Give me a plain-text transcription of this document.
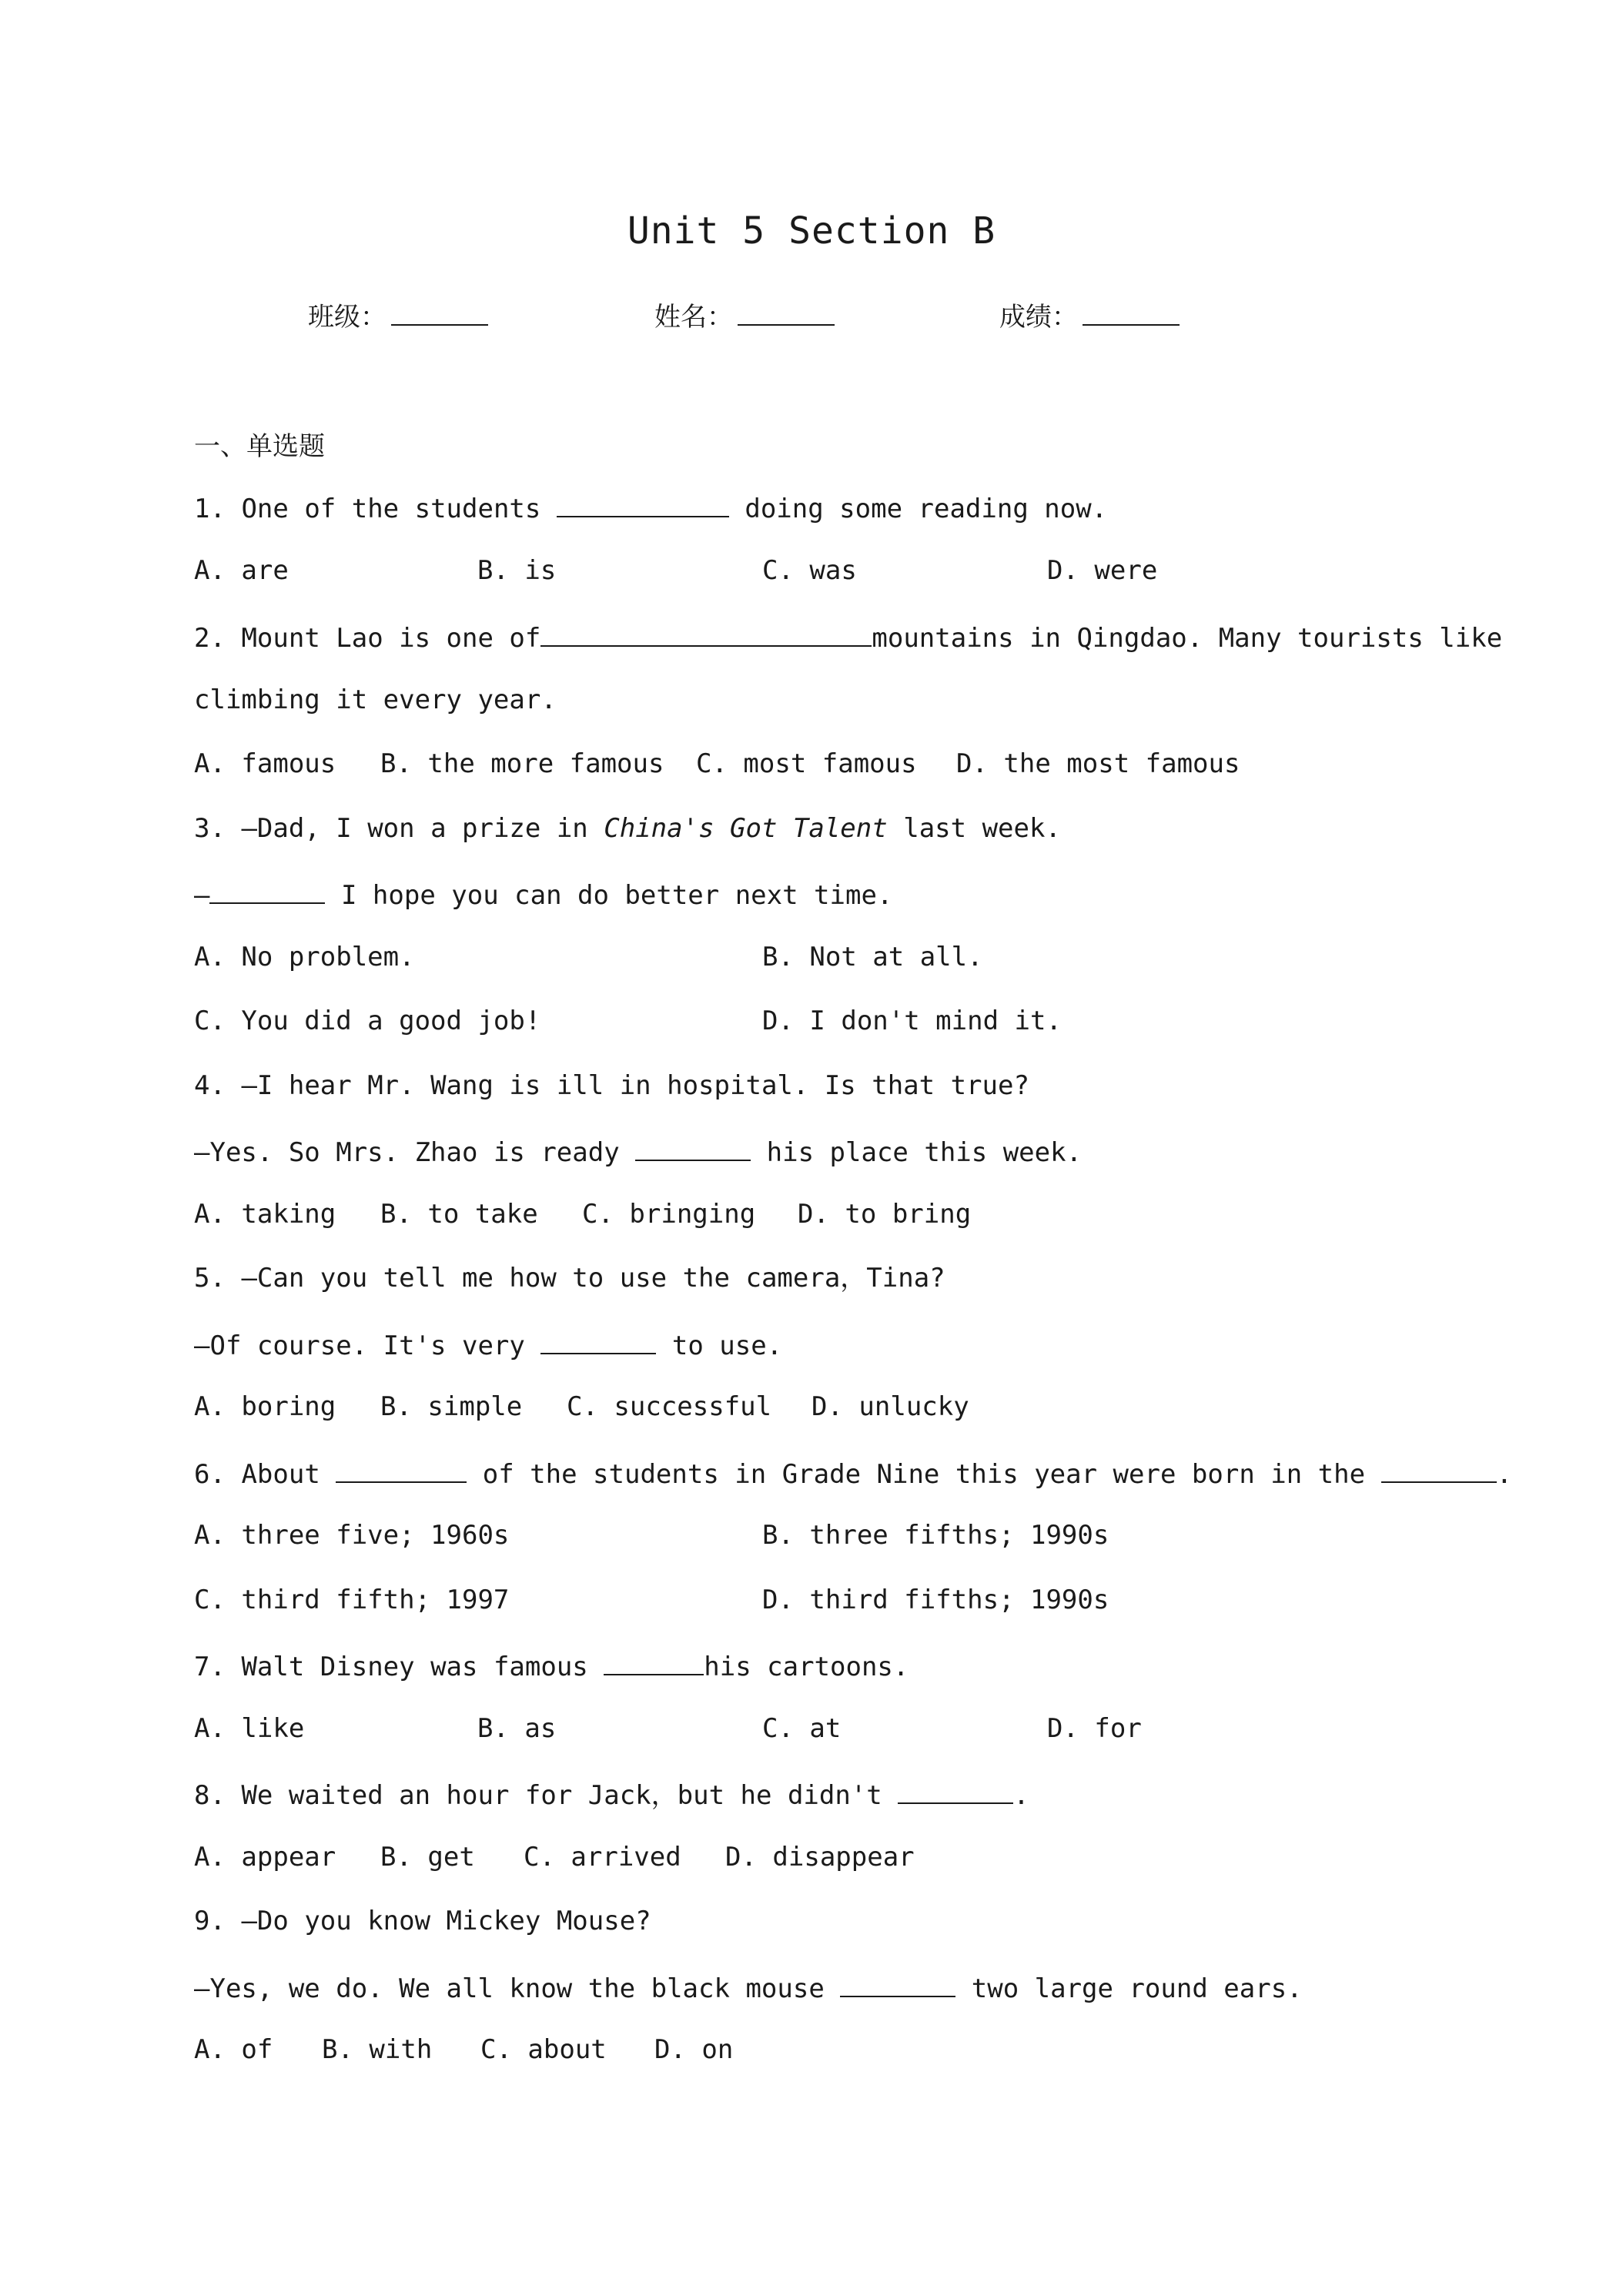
Unit 5 Section B
班级：	姓名：	成绩：
一、单选题
1. One of the students	doing some reading now.
A. are	B. is	C. was	D. were
2. Mount Lao is one of	mountains in Qingdao. Many tourists like
climbing it every year.
A. famous B. the more famous C. most famous D. the most famous
3. —Dad, I won a prize in China's Got Talent last week.
—	I hope you can do better next time.
A. No problem.	B. Not at all.
C. You did a good job!	D. I don't mind it.
4. —I hear Mr. Wang is ill in hospital. Is that true?
—Yes. So Mrs. Zhao is ready	his place this week.
A. taking B. to take C. bringing D. to bring
5. —Can you tell me how to use the camera，Tina?
—Of course. It's very	to use.
A. boring B. simple C. successful D. unlucky
6. About	of the students in Grade Nine this year were born in the	.
A. three five; 1960s	B. three fifths; 1990s
C. third fifth; 1997	D. third fifths; 1990s
7. Walt Disney was famous	his cartoons.
A. like	B. as	C. at	D. for
8. We waited an hour for Jack，but he didn't	.
A. appear B. get C. arrived D. disappear
9. —Do you know Mickey Mouse?
—Yes, we do. We all know the black mouse	two large round ears.
A. of B. with C. about D. on
